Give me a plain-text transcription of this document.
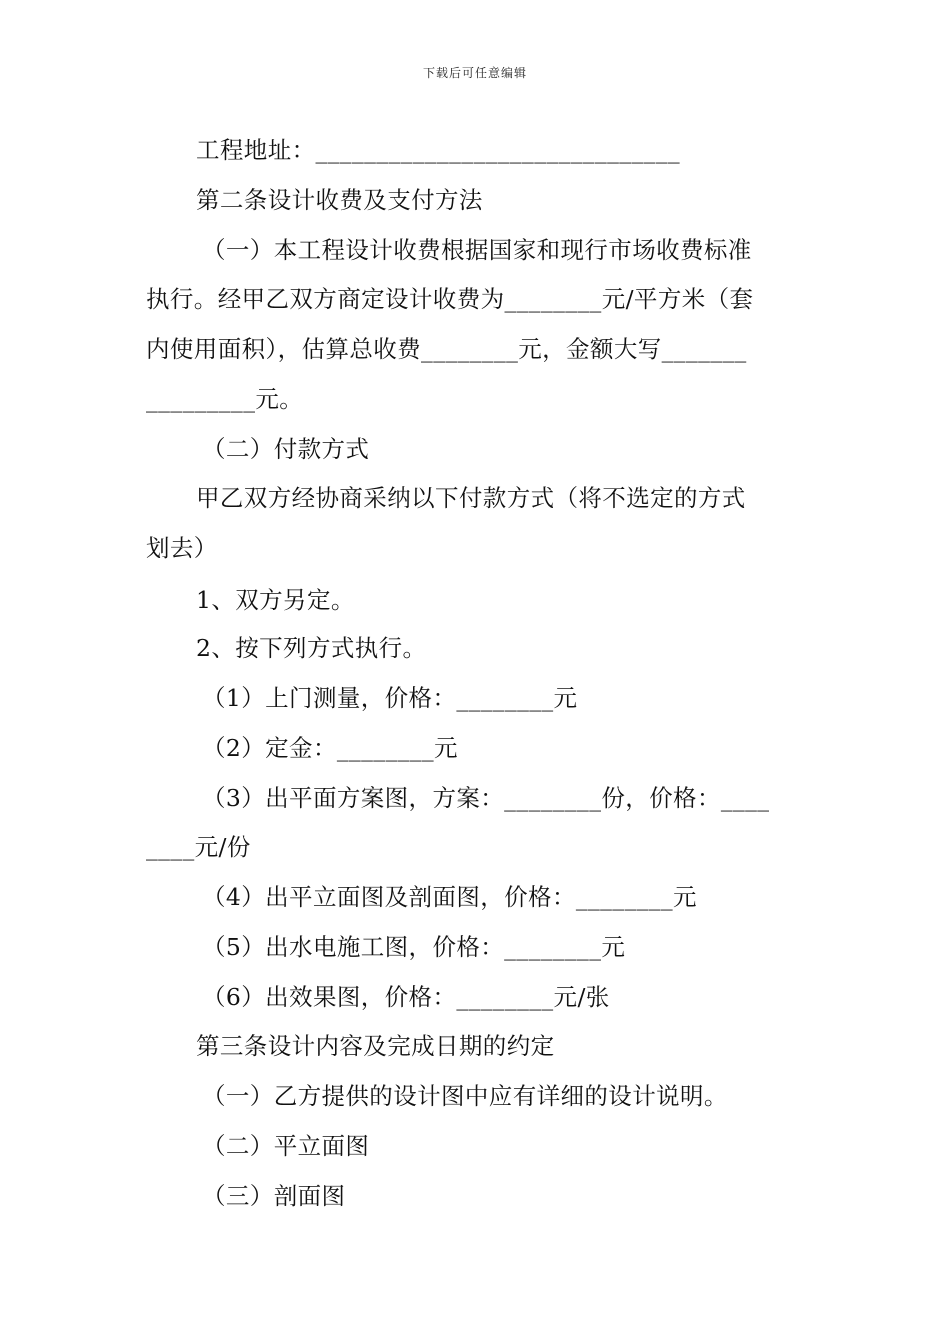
下载后可任意编辑
工程地址：______________________________
第二条设计收费及支付方法
（一）本工程设计收费根据国家和现行市场收费标准
执行。经甲乙双方商定设计收费为________元/平方米（套
内使用面积），估算总收费________元，金额大写_______
_________元。
（二）付款方式
甲乙双方经协商采纳以下付款方式（将不选定的方式
划去）
1、双方另定。
2、按下列方式执行。
（1）上门测量，价格：________元
（2）定金：________元
（3）出平面方案图，方案：________份，价格：____
____元/份
（4）出平立面图及剖面图，价格：________元
（5）出水电施工图，价格：________元
（6）出效果图，价格：________元/张
第三条设计内容及完成日期的约定
（一）乙方提供的设计图中应有详细的设计说明。
（二）平立面图
（三）剖面图
